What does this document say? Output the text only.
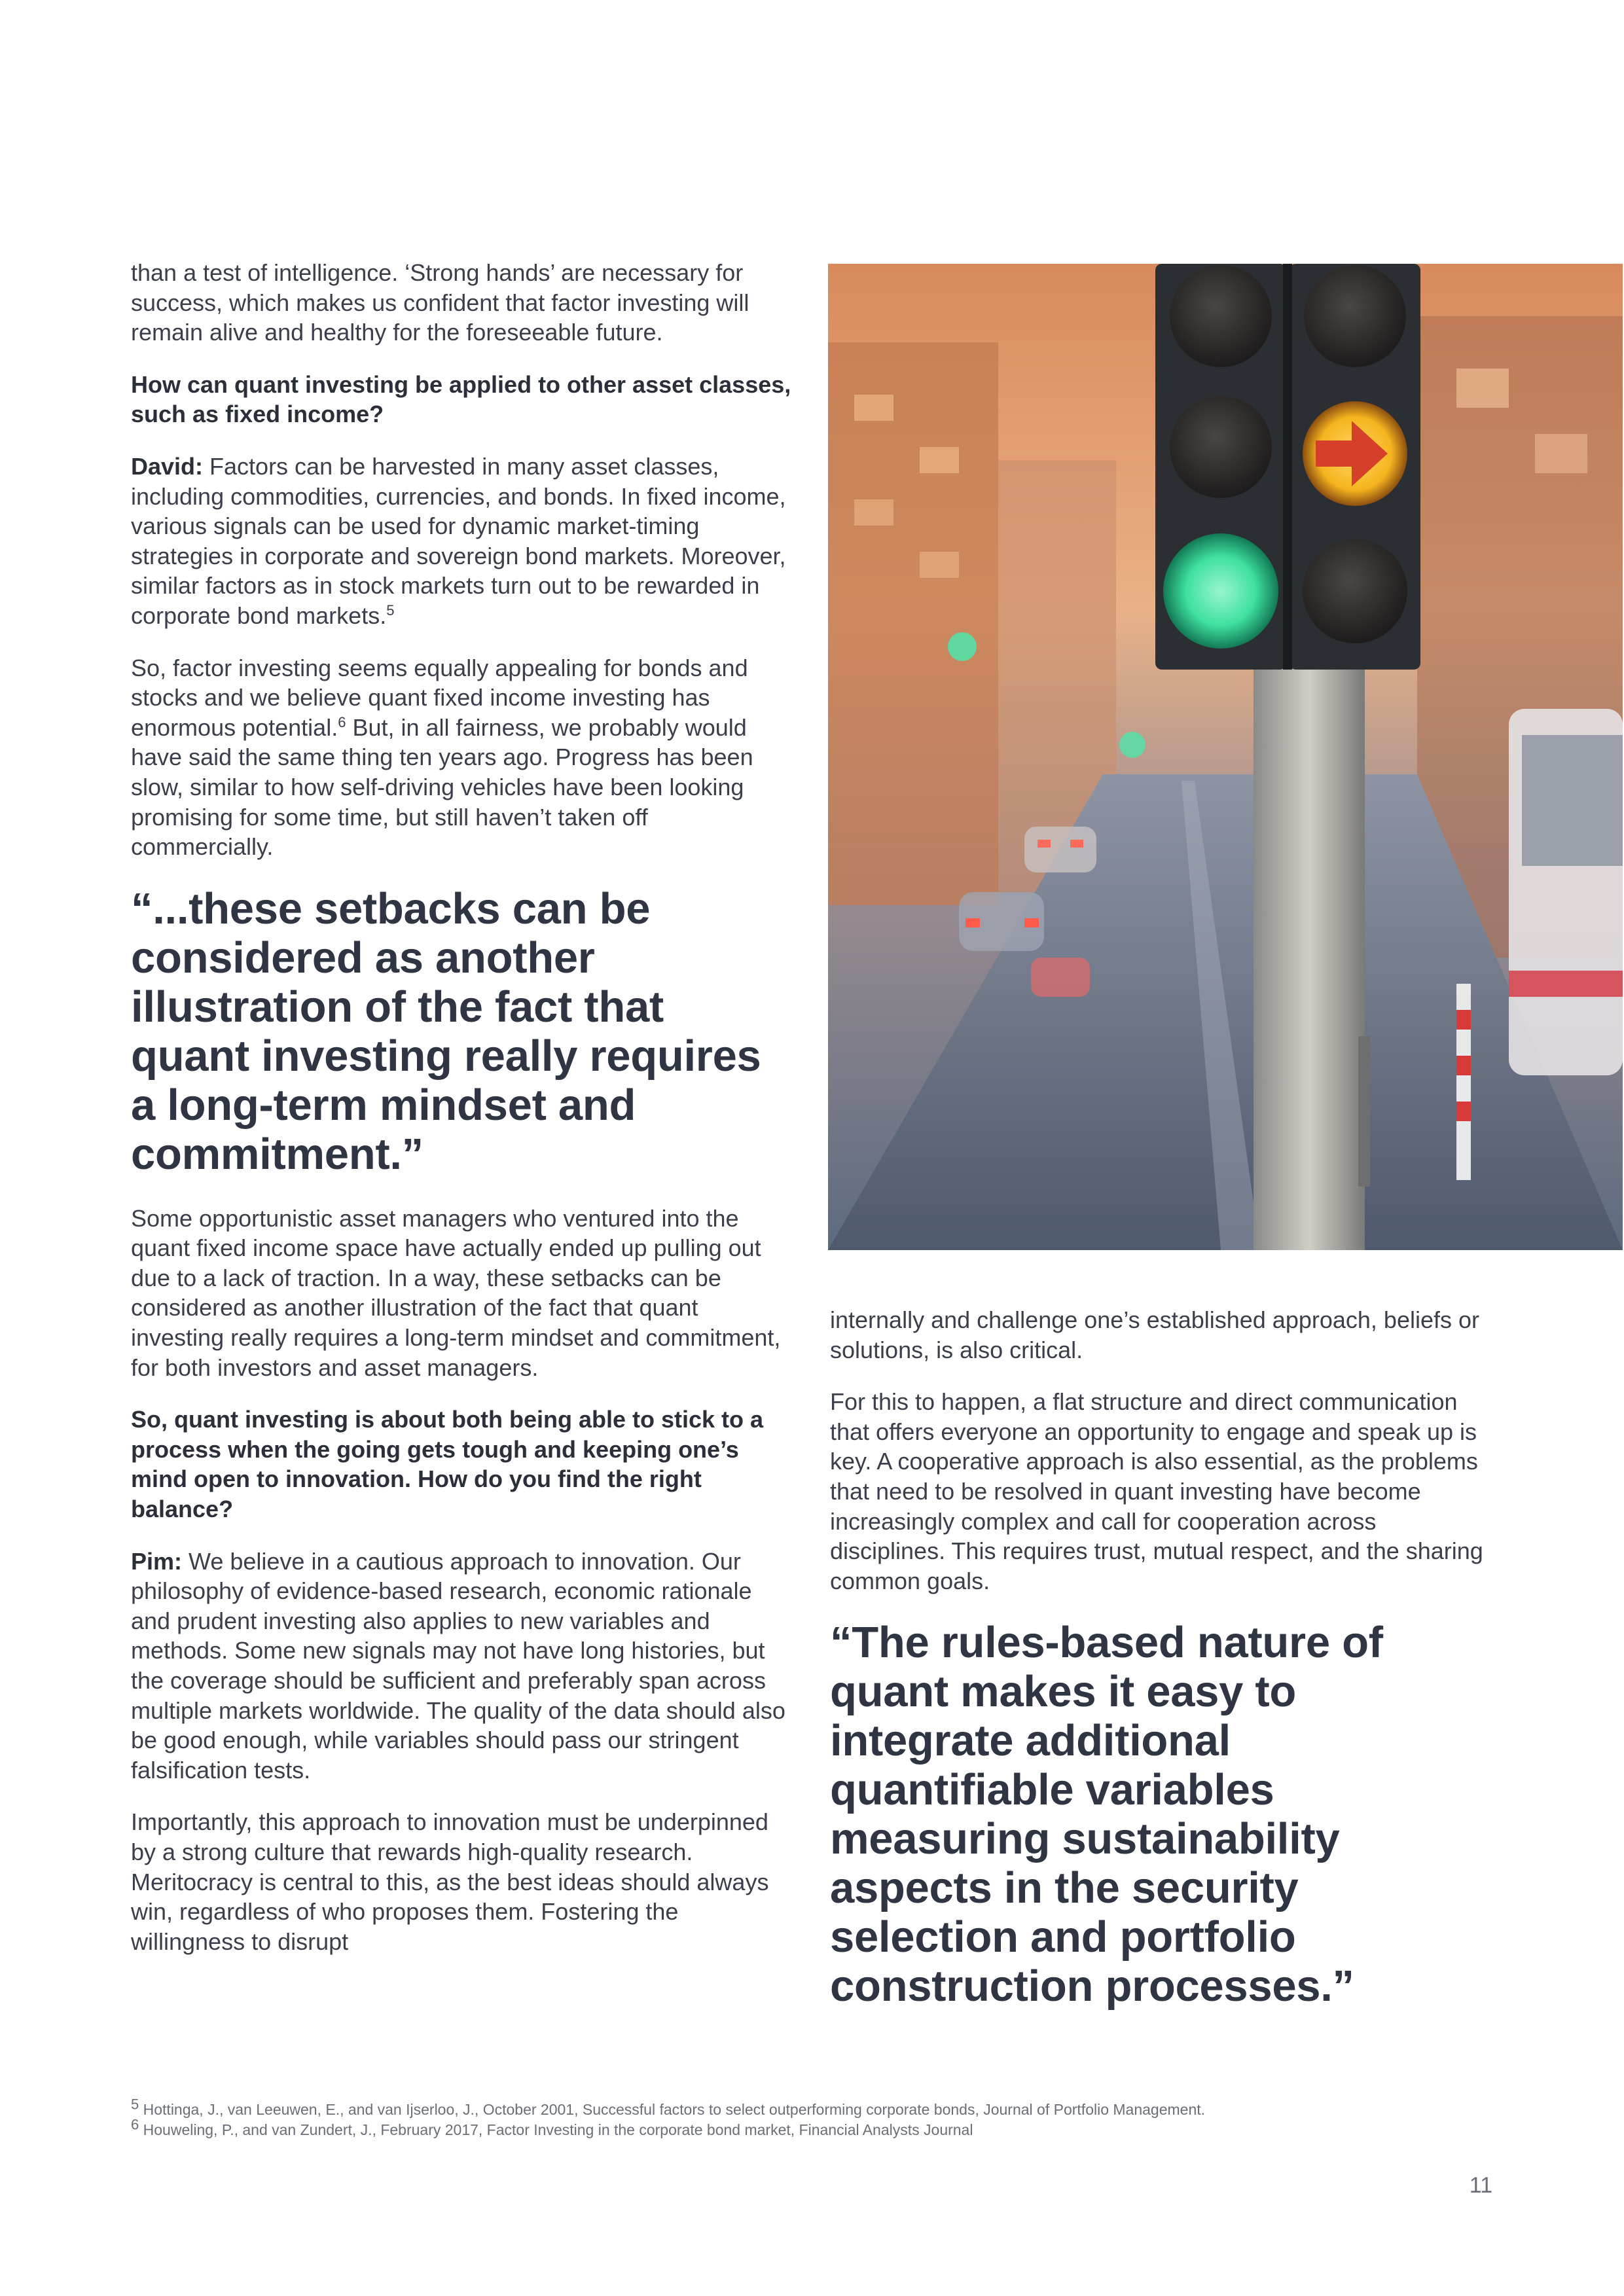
than a test of intelligence. ‘Strong hands’ are necessary for success, which makes us confident that factor investing will remain alive and healthy for the foreseeable future.

How can quant investing be applied to other asset classes, such as fixed income?

David: Factors can be harvested in many asset classes, including commodities, currencies, and bonds. In fixed income, various signals can be used for dynamic market-timing strategies in corporate and sovereign bond markets. Moreover, similar factors as in stock markets turn out to be rewarded in corporate bond markets.$^5$

So, factor investing seems equally appealing for bonds and stocks and we believe quant fixed income investing has enormous potential.$^6$ But, in all fairness, we probably would have said the same thing ten years ago. Progress has been slow, similar to how self-driving vehicles have been looking promising for some time, but still haven’t taken off commercially.

“...these setbacks can be considered as another illustration of the fact that quant investing really requires a long-term mindset and commitment.”

Some opportunistic asset managers who ventured into the quant fixed income space have actually ended up pulling out due to a lack of traction. In a way, these setbacks can be considered as another illustration of the fact that quant investing really requires a long-term mindset and commitment, for both investors and asset managers.

So, quant investing is about both being able to stick to a process when the going gets tough and keeping one’s mind open to innovation. How do you find the right balance?

Pim: We believe in a cautious approach to innovation. Our philosophy of evidence-based research, economic rationale and prudent investing also applies to new variables and methods. Some new signals may not have long histories, but the coverage should be sufficient and preferably span across multiple markets worldwide. The quality of the data should also be good enough, while variables should pass our stringent falsification tests.

Importantly, this approach to innovation must be underpinned by a strong culture that rewards high-quality research. Meritocracy is central to this, as the best ideas should always win, regardless of who proposes them. Fostering the willingness to disrupt

internally and challenge one’s established approach, beliefs or solutions, is also critical.

For this to happen, a flat structure and direct communication that offers everyone an opportunity to engage and speak up is key. A cooperative approach is also essential, as the problems that need to be resolved in quant investing have become increasingly complex and call for cooperation across disciplines. This requires trust, mutual respect, and the sharing common goals.

“The rules-based nature of quant makes it easy to integrate additional quantifiable variables measuring sustainability aspects in the security selection and portfolio construction processes.”
$^5$ Hottinga, J., van Leeuwen, E., and van Ijserloo, J., October 2001, Successful factors to select outperforming corporate bonds, Journal of Portfolio Management.
$^6$ Houweling, P., and van Zundert, J., February 2017, Factor Investing in the corporate bond market, Financial Analysts Journal
11
